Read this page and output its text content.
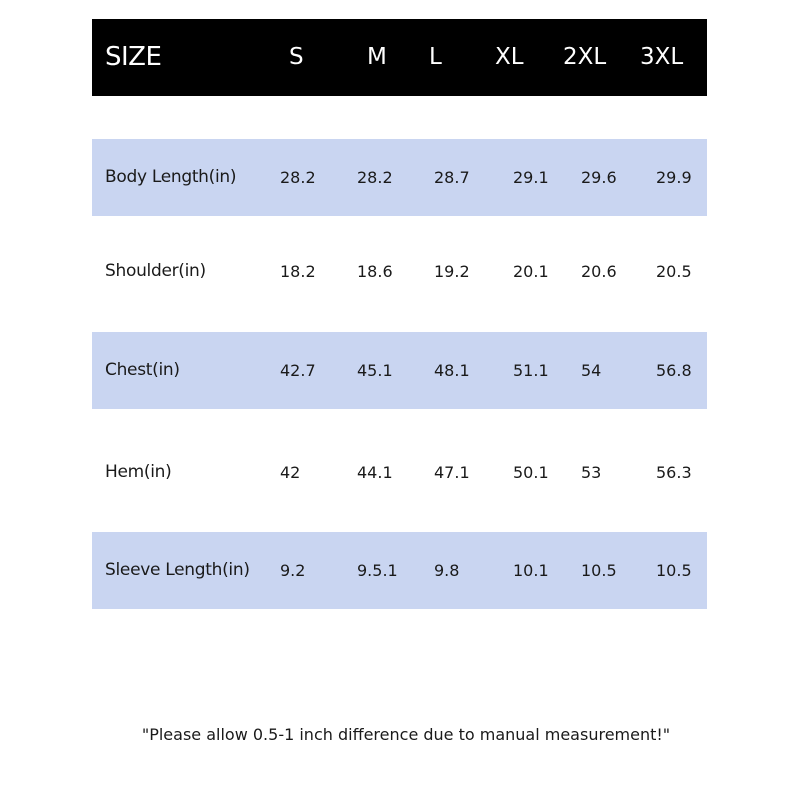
SIZE	S	M L XL 2XL 3XL
Body Length(in)	28.2	28.2	28.7	29.1 29.6 29.9
Shoulder(in)	18.2	18.6	19.2	20.1 20.6 20.5
Chest(in)	42.7	45.1	48.1	51.1 54	56.8
Hem(in)	42	44.1	47.1	50.1 53	56.3
Sleeve Length(in) 9.2	9.5.1 9.8	10.1 10.5 10.5
"Please allow 0.5-1 inch difference due to manual measurement!"
